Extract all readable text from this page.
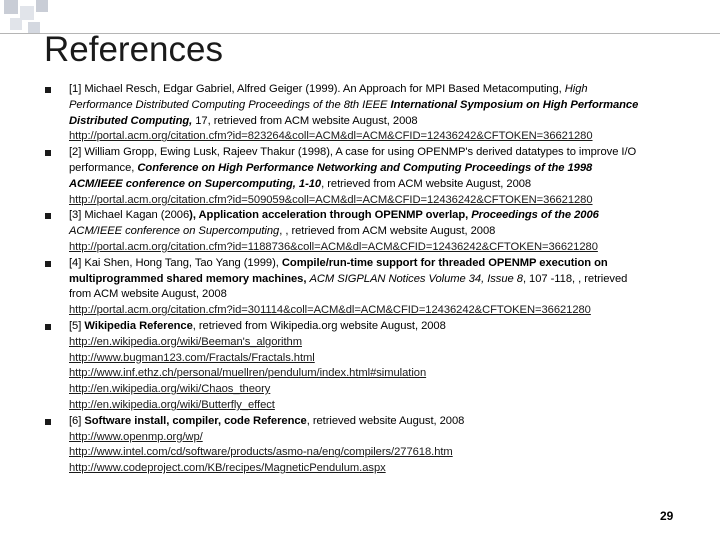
References
[1] Michael Resch, Edgar Gabriel, Alfred Geiger (1999). An Approach for MPI Based Metacomputing, High
Performance Distributed Computing Proceedings of the 8th IEEE International Symposium on High Performance
Distributed Computing, 17, retrieved from ACM website August, 2008
http://portal.acm.org/citation.cfm?id=823264&coll=ACM&dl=ACM&CFID=12436242&CFTOKEN=36621280
[2] William Gropp, Ewing Lusk, Rajeev Thakur (1998), A case for using OPENMP's derived datatypes to improve I/O
performance, Conference on High Performance Networking and Computing Proceedings of the 1998
ACM/IEEE conference on Supercomputing, 1-10, retrieved from ACM website August, 2008
http://portal.acm.org/citation.cfm?id=509059&coll=ACM&dl=ACM&CFID=12436242&CFTOKEN=36621280
[3] Michael Kagan (2006), Application acceleration through OPENMP overlap, Proceedings of the 2006
ACM/IEEE conference on Supercomputing, , retrieved from ACM website August, 2008
http://portal.acm.org/citation.cfm?id=1188736&coll=ACM&dl=ACM&CFID=12436242&CFTOKEN=36621280
[4] Kai Shen, Hong Tang, Tao Yang (1999), Compile/run-time support for threaded OPENMP execution on
multiprogrammed shared memory machines, ACM SIGPLAN Notices Volume 34, Issue 8, 107 -118, , retrieved
from ACM website August, 2008
http://portal.acm.org/citation.cfm?id=301114&coll=ACM&dl=ACM&CFID=12436242&CFTOKEN=36621280
[5] Wikipedia Reference, retrieved from Wikipedia.org website August, 2008
http://en.wikipedia.org/wiki/Beeman's_algorithm
http://www.bugman123.com/Fractals/Fractals.html
http://www.inf.ethz.ch/personal/muellren/pendulum/index.html#simulation
http://en.wikipedia.org/wiki/Chaos_theory
http://en.wikipedia.org/wiki/Butterfly_effect
[6] Software install, compiler, code Reference, retrieved website August, 2008
http://www.openmp.org/wp/
http://www.intel.com/cd/software/products/asmo-na/eng/compilers/277618.htm
http://www.codeproject.com/KB/recipes/MagneticPendulum.aspx
29
